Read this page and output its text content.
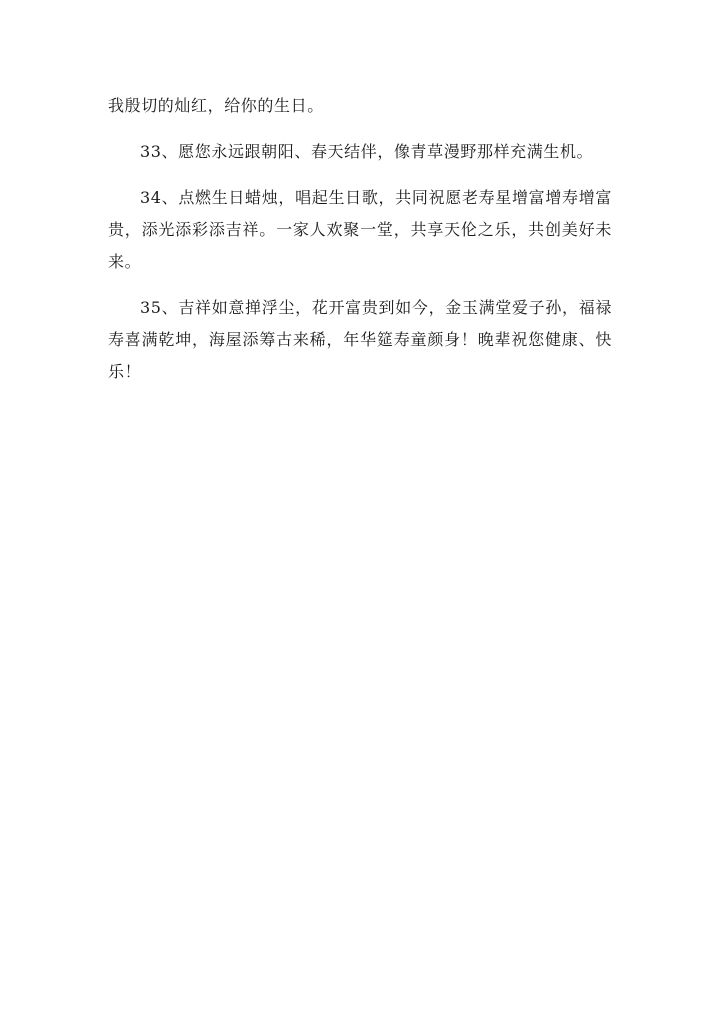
我殷切的灿红，给你的生日。

33、愿您永远跟朝阳、春天结伴，像青草漫野那样充满生机。

34、点燃生日蜡烛，唱起生日歌，共同祝愿老寿星增富增寿增富贵，添光添彩添吉祥。一家人欢聚一堂，共享天伦之乐，共创美好未来。

35、吉祥如意掸浮尘，花开富贵到如今，金玉满堂爱子孙，福禄寿喜满乾坤，海屋添筹古来稀，年华筵寿童颜身！晚辈祝您健康、快乐！
